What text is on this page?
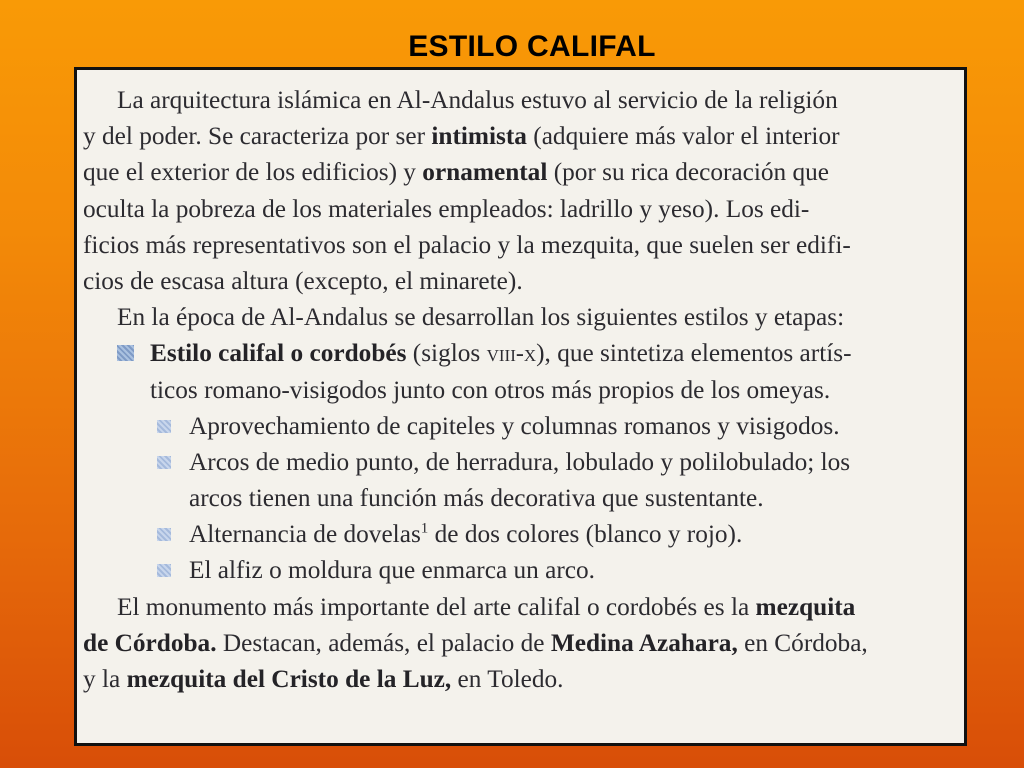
ESTILO CALIFAL
La arquitectura islámica en Al-Andalus estuvo al servicio de la religión
y del poder. Se caracteriza por ser intimista (adquiere más valor el interior
que el exterior de los edificios) y ornamental (por su rica decoración que
oculta la pobreza de los materiales empleados: ladrillo y yeso). Los edi-
ficios más representativos son el palacio y la mezquita, que suelen ser edifi-
cios de escasa altura (excepto, el minarete).
En la época de Al-Andalus se desarrollan los siguientes estilos y etapas:
Estilo califal o cordobés (siglos viii-x), que sintetiza elementos artís-
ticos romano-visigodos junto con otros más propios de los omeyas.
Aprovechamiento de capiteles y columnas romanos y visigodos.
Arcos de medio punto, de herradura, lobulado y polilobulado; los
arcos tienen una función más decorativa que sustentante.
Alternancia de dovelas$^1$ de dos colores (blanco y rojo).
El alfiz o moldura que enmarca un arco.
El monumento más importante del arte califal o cordobés es la mezquita
de Córdoba. Destacan, además, el palacio de Medina Azahara, en Córdoba,
y la mezquita del Cristo de la Luz, en Toledo.
